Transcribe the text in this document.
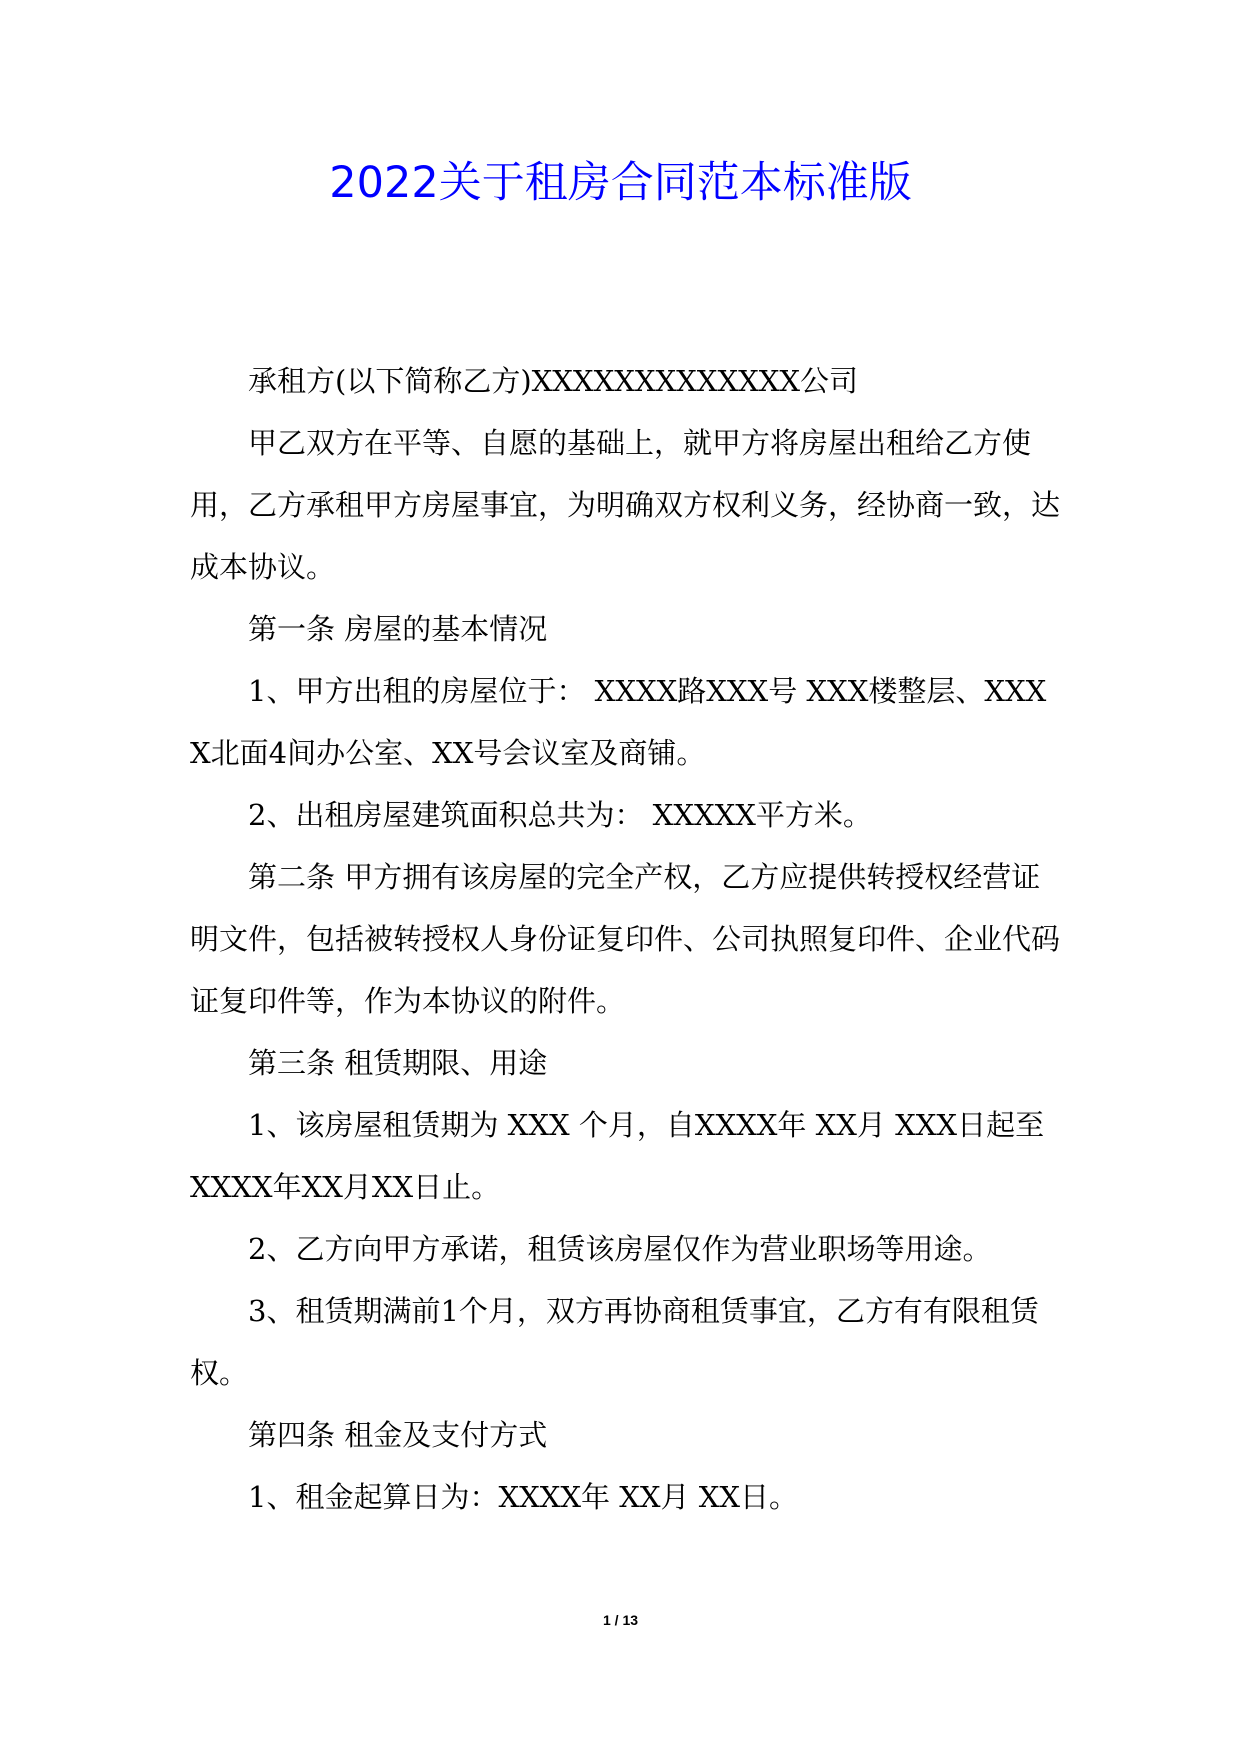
2022关于租房合同范本标准版

承租方(以下简称乙方)XXXXXXXXXXXXX公司

甲乙双方在平等、自愿的基础上，就甲方将房屋出租给乙方使用，乙方承租甲方房屋事宜，为明确双方权利义务，经协商一致，达成本协议。

第一条 房屋的基本情况

1、甲方出租的房屋位于： XXXX路XXX号 XXX楼整层、XXXX北面4间办公室、XX号会议室及商铺。

2、出租房屋建筑面积总共为： XXXXX平方米。

第二条 甲方拥有该房屋的完全产权，乙方应提供转授权经营证明文件，包括被转授权人身份证复印件、公司执照复印件、企业代码证复印件等，作为本协议的附件。

第三条 租赁期限、用途

1、该房屋租赁期为 XXX 个月，自XXXX年 XX月 XXX日起至XXXX年XX月XX日止。

2、乙方向甲方承诺，租赁该房屋仅作为营业职场等用途。

3、租赁期满前1个月，双方再协商租赁事宜，乙方有有限租赁权。

第四条 租金及支付方式

1、租金起算日为：XXXX年 XX月 XX日。

1 / 13
